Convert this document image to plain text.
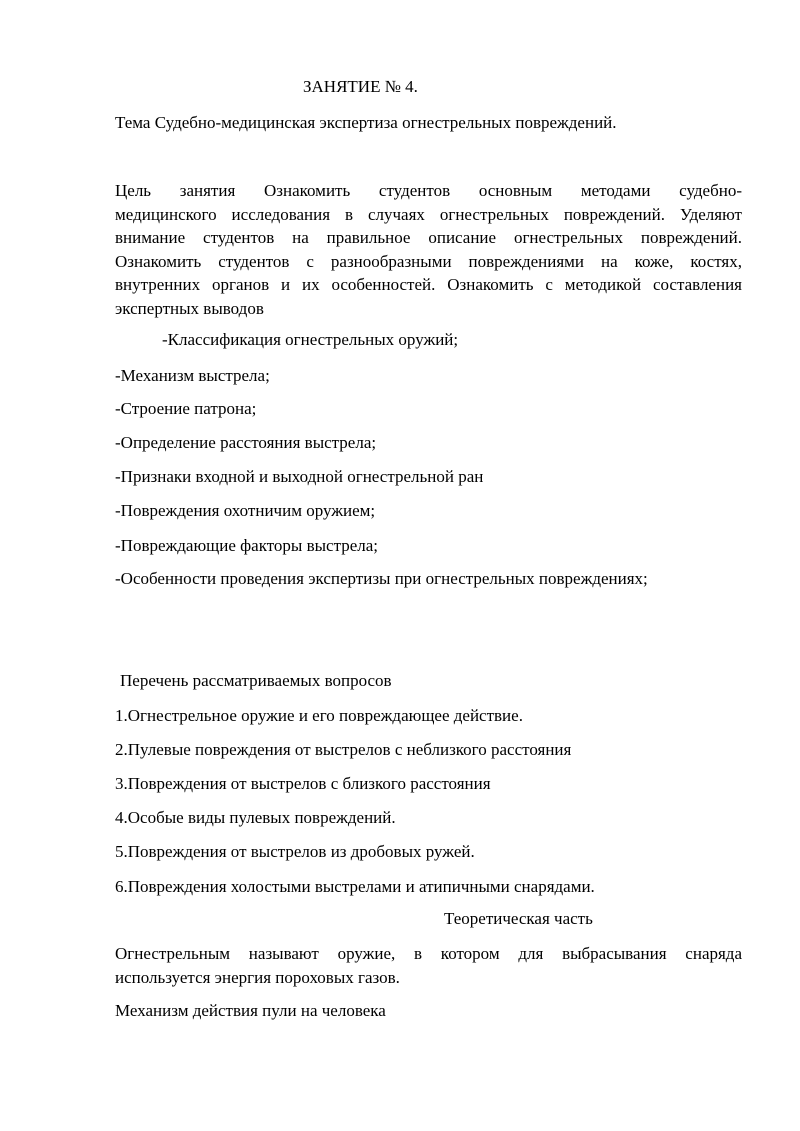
ЗАНЯТИЕ № 4.
Тема Судебно-медицинская экспертиза огнестрельных повреждений.
Цель занятия Ознакомить студентов основным методами судебно-
медицинского исследования в случаях огнестрельных повреждений. Уделяют
внимание студентов на правильное описание огнестрельных повреждений.
Ознакомить студентов с разнообразными повреждениями на коже, костях,
внутренних органов и их особенностей. Ознакомить с методикой составления
экспертных выводов
-Классификация огнестрельных оружий;
-Механизм выстрела;
-Строение патрона;
-Определение расстояния выстрела;
-Признаки входной и выходной огнестрельной ран
-Повреждения охотничим оружием;
-Повреждающие факторы выстрела;
-Особенности проведения экспертизы при огнестрельных повреждениях;
Перечень рассматриваемых вопросов
1.Огнестрельное оружие и его повреждающее действие.
2.Пулевые повреждения от выстрелов с неблизкого расстояния
3.Повреждения от выстрелов с близкого расстояния
4.Особые виды пулевых повреждений.
5.Повреждения от выстрелов из дробовых ружей.
6.Повреждения холостыми выстрелами и атипичными снарядами.
Теоретическая часть
Огнестрельным называют оружие, в котором для выбрасывания снаряда
используется энергия пороховых газов.
Механизм действия пули на человека
